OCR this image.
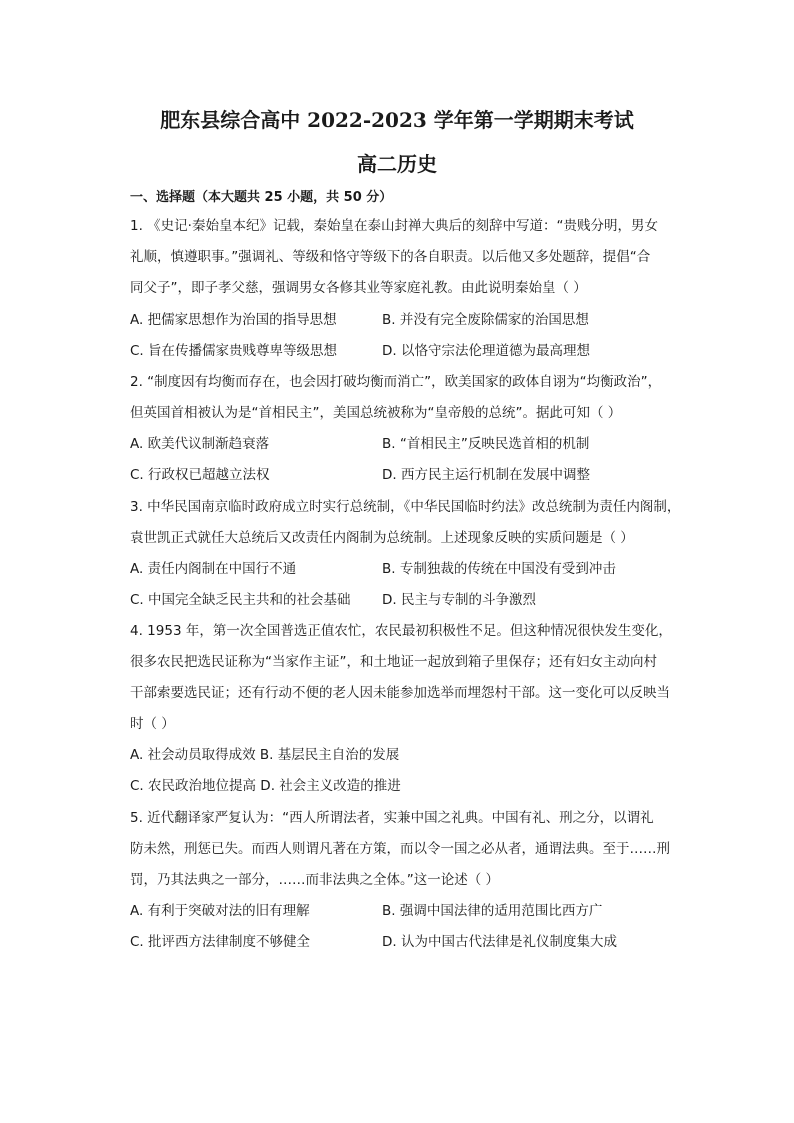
肥东县综合高中 2022-2023 学年第一学期期末考试
高二历史

一、选择题（本大题共 25 小题，共 50 分）

1. 《史记·秦始皇本纪》记载，秦始皇在泰山封禅大典后的刻辞中写道：“贵贱分明，男女

礼顺，慎遵职事。”强调礼、等级和恪守等级下的各自职责。以后他又多处题辞，提倡“合

同父子”，即子孝父慈，强调男女各修其业等家庭礼教。由此说明秦始皇（ ）

A. 把儒家思想作为治国的指导思想	B. 并没有完全废除儒家的治国思想
C. 旨在传播儒家贵贱尊卑等级思想	D. 以恪守宗法伦理道德为最高理想

2. “制度因有均衡而存在，也会因打破均衡而消亡”，欧美国家的政体自诩为“均衡政治”，

但英国首相被认为是“首相民主”，美国总统被称为“皇帝般的总统”。据此可知（ ）

A. 欧美代议制渐趋衰落	B. “首相民主”反映民选首相的机制
C. 行政权已超越立法权	D. 西方民主运行机制在发展中调整

3. 中华民国南京临时政府成立时实行总统制，《中华民国临时约法》改总统制为责任内阁制，

袁世凯正式就任大总统后又改责任内阁制为总统制。上述现象反映的实质问题是（ ）

A. 责任内阁制在中国行不通	B. 专制独裁的传统在中国没有受到冲击
C. 中国完全缺乏民主共和的社会基础 D. 民主与专制的斗争激烈

4. 1953 年，第一次全国普选正值农忙，农民最初积极性不足。但这种情况很快发生变化，

很多农民把选民证称为“当家作主证”，和土地证一起放到箱子里保存；还有妇女主动向村

干部索要选民证；还有行动不便的老人因未能参加选举而埋怨村干部。这一变化可以反映当

时（ ）

A. 社会动员取得成效 B. 基层民主自治的发展
C. 农民政治地位提高 D. 社会主义改造的推进

5. 近代翻译家严复认为：“西人所谓法者，实兼中国之礼典。中国有礼、刑之分，以谓礼

防未然，刑惩已失。而西人则谓凡著在方策，而以令一国之必从者，通谓法典。至于……刑

罚，乃其法典之一部分，……而非法典之全体。”这一论述（ ）

A. 有利于突破对法的旧有理解	B. 强调中国法律的适用范围比西方广
C. 批评西方法律制度不够健全	D. 认为中国古代法律是礼仪制度集大成
